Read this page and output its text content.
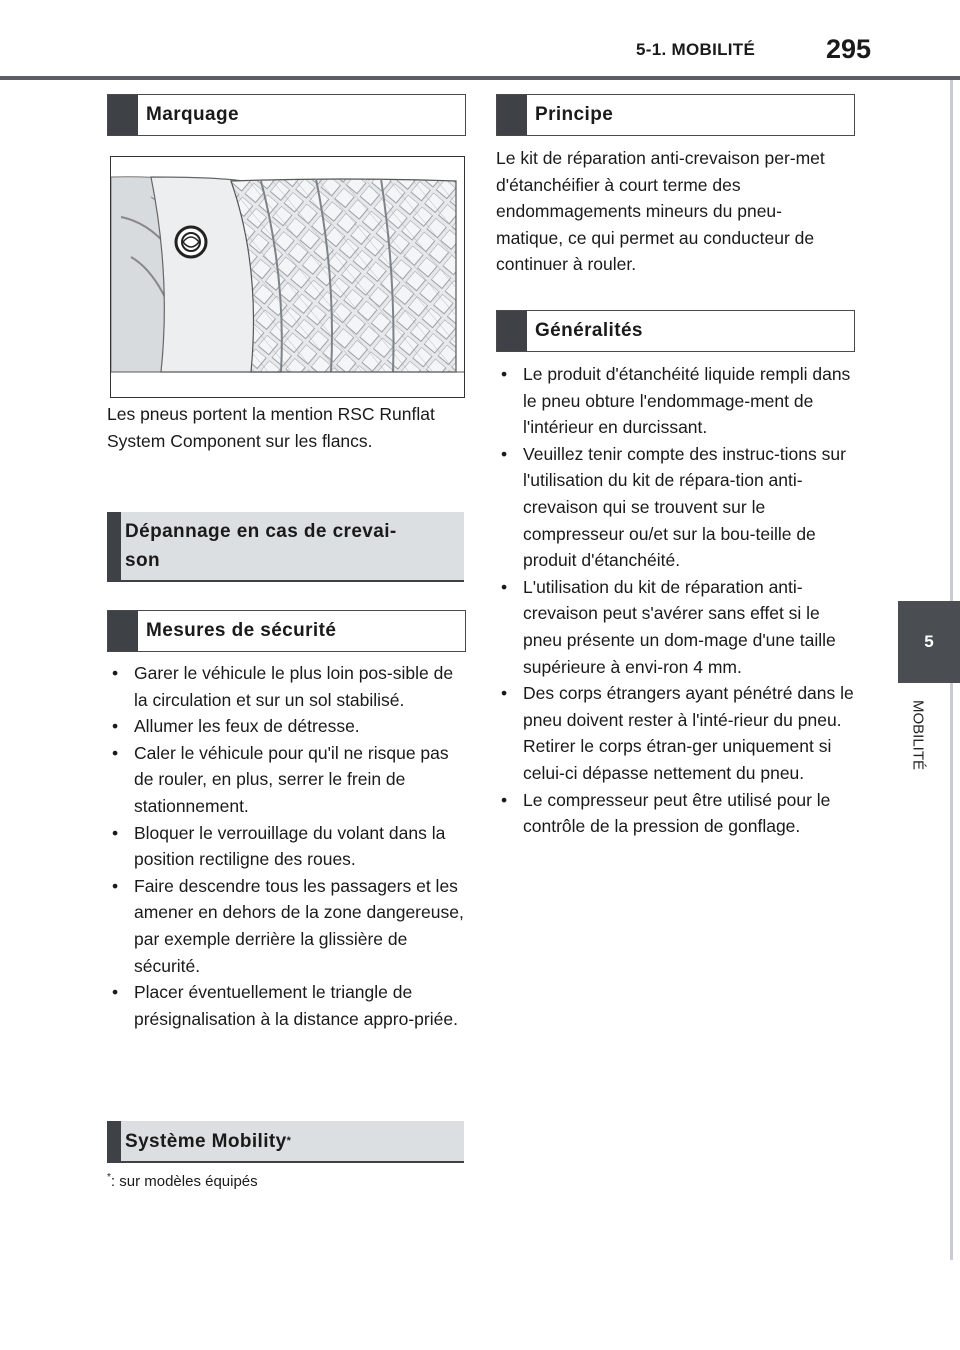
5-1. MOBILITÉ	295
5
MOBILITÉ
Marquage
Les pneus portent la mention RSC Runflat System Component sur les flancs.
Dépannage en cas de crevai-son
Mesures de sécurité
• Garer le véhicule le plus loin pos-sible de la circulation et sur un sol stabilisé.
• Allumer les feux de détresse.
• Caler le véhicule pour qu'il ne risque pas de rouler, en plus, serrer le frein de stationnement.
• Bloquer le verrouillage du volant dans la position rectiligne des roues.
• Faire descendre tous les passagers et les amener en dehors de la zone dangereuse, par exemple derrière la glissière de sécurité.
• Placer éventuellement le triangle de présignalisation à la distance appro-priée.
Système Mobility *
*: sur modèles équipés
Principe
Le kit de réparation anti-crevaison per-met d'étanchéifier à court terme des endommagements mineurs du pneu-matique, ce qui permet au conducteur de continuer à rouler.
Généralités
• Le produit d'étanchéité liquide rempli dans le pneu obture l'endommage-ment de l'intérieur en durcissant.
• Veuillez tenir compte des instruc-tions sur l'utilisation du kit de répara-tion anti-crevaison qui se trouvent sur le compresseur ou/et sur la bou-teille de produit d'étanchéité.
• L'utilisation du kit de réparation anti-crevaison peut s'avérer sans effet si le pneu présente un dom-mage d'une taille supérieure à envi-ron 4 mm.
• Des corps étrangers ayant pénétré dans le pneu doivent rester à l'inté-rieur du pneu. Retirer le corps étran-ger uniquement si celui-ci dépasse nettement du pneu.
• Le compresseur peut être utilisé pour le contrôle de la pression de gonflage.
